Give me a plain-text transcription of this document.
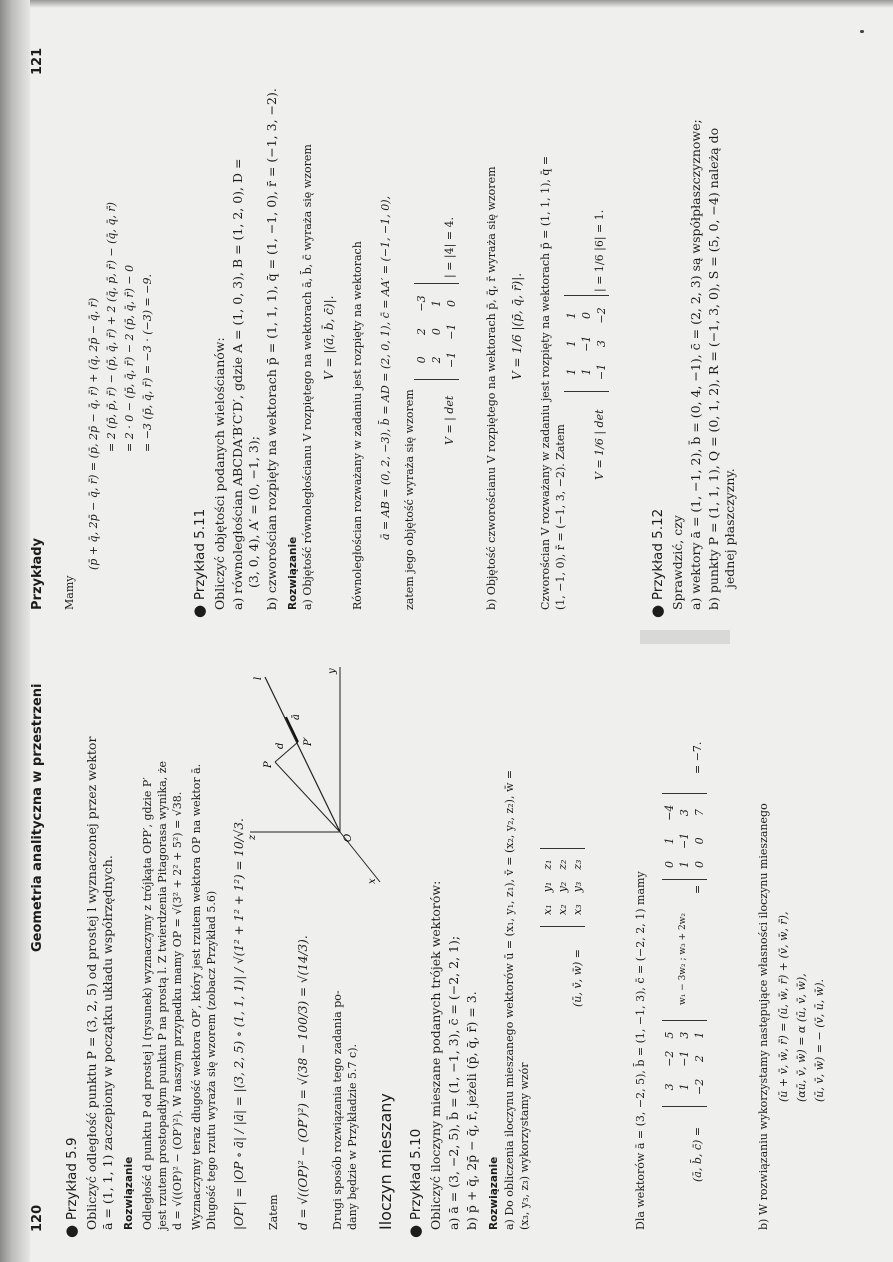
120
Geometria analityczna w przestrzeni
● Przykład 5.9 Obliczyć odległość punktu P = (3, 2, 5) od prostej l wyznaczonej przez wektor ā = (1, 1, 1) zaczepiony w początku układu współrzędnych. Rozwiązanie Odległość d punktu P od prostej l (rysunek) wyznaczymy z trójkąta OPP′, gdzie P′ jest rzutem prostopadłym punktu P na prostą l. Z twierdzenia Pitagorasa wynika, że d = √((OP)² − (OP′)²). W naszym przypadku mamy OP = √(3² + 2² + 5²) = √38. Wyznaczymy teraz długość wektora OP′, który jest rzutem wektora OP na wektor ā. Długość tego rzutu wyraża się wzorem (zobacz Przykład 5.6) |OP′| = |OP ∘ ā| / |ā| = |(3, 2, 5) ∘ (1, 1, 1)| / √(1² + 1² + 1²) = 10/√3. Zatem d = √((OP)² − (OP′)²) = √(38 − 100/3) = √(14/3). Drugi sposób rozwiązania tego zadania po- dany będzie w Przykładzie 5.7 c).
z
y
x
O
P
P′
d
ā
l
Iloczyn mieszany ● Przykład 5.10 Obliczyć iloczyny mieszane podanych trójek wektorów: a) ā = (3, −2, 5), b̄ = (1, −1, 3), c̄ = (−2, 2, 1); b) p̄ + q̄, 2p̄ − q̄, r̄, jeżeli (p̄, q̄, r̄) = 3. Rozwiązanie a) Do obliczenia iloczynu mieszanego wektorów ū = (x₁, y₁, z₁), v̄ = (x₂, y₂, z₂), w̄ = (x₃, y₃, z₃) wykorzystamy wzór
(ū, v̄, w̄) =
x₁	y₁	z₁
x₂	y₂	z₂
x₃	y₃	z₃
Dla wektorów ā = (3, −2, 5), b̄ = (1, −1, 3), c̄ = (−2, 2, 1) mamy	(ā, b̄, c̄) =
3	−2	5
1	−1	3
−2	2	1
w₁ − 3w₂ ; w₃ + 2w₂
=
0	1	−4
1	−1	3
0	0	7
= −7.
b) W rozwiązaniu wykorzystamy następujące własności iloczynu mieszanego (ū + v̄, w̄, r̄) = (ū, w̄, r̄) + (v̄, w̄, r̄), (αū, v̄, w̄) = α (ū, v̄, w̄), (ū, v̄, w̄) = − (v̄, ū, w̄).
Przykłady
121
Mamy
(p̄ + q̄, 2p̄ − q̄, r̄) = (p̄, 2p̄ − q̄, r̄) + (q̄, 2p̄ − q̄, r̄) = 2 (p̄, p̄, r̄) − (p̄, q̄, r̄) + 2 (q̄, p̄, r̄) − (q̄, q̄, r̄) = 2 · 0 − (p̄, q̄, r̄) − 2 (p̄, q̄, r̄) − 0 = −3 (p̄, q̄, r̄) = −3 · (−3) = −9.
● Przykład 5.11 Obliczyć objętości podanych wielościanów: a) równoległościan ABCDA′B′C′D′, gdzie A = (1, 0, 3), B = (1, 2, 0), D = (3, 0, 4), A′ = (0, −1, 3); b) czworościan rozpięty na wektorach p̄ = (1, 1, 1), q̄ = (1, −1, 0), r̄ = (−1, 3, −2). Rozwiązanie a) Objętość równoległościanu V rozpiętego na wektorach ā, b̄, c̄ wyraża się wzorem V = |(ā, b̄, c̄)|. Równoległościan rozważany w zadaniu jest rozpięty na wektorach ā = AB = (0, 2, −3), b̄ = AD = (2, 0, 1), c̄ = AA′ = (−1, −1, 0), zatem jego objętość wyraża się wzorem V = | det
0	2	−3
2	0	1
−1	−1	0
| = |4| = 4.	b) Objętość czworościanu V rozpiętego na wektorach p̄, q̄, r̄ wyraża się wzorem V = 1/6 |(p̄, q̄, r̄)|. Czworościan V rozważany w zadaniu jest rozpięty na wektorach p̄ = (1, 1, 1), q̄ = (1, −1, 0), r̄ = (−1, 3, −2). Zatem V = 1/6 | det
1	1	1
1	−1	0
−1	3	−2
| = 1/6 |6| = 1.
● Przykład 5.12 Sprawdzić, czy a) wektory ā = (1, −1, 2), b̄ = (0, 4, −1), c̄ = (2, 2, 3) są współpłaszczyznowe; b) punkty P = (1, 1, 1), Q = (0, 1, 2), R = (−1, 3, 0), S = (5, 0, −4) należą do jednej płaszczyzny.
